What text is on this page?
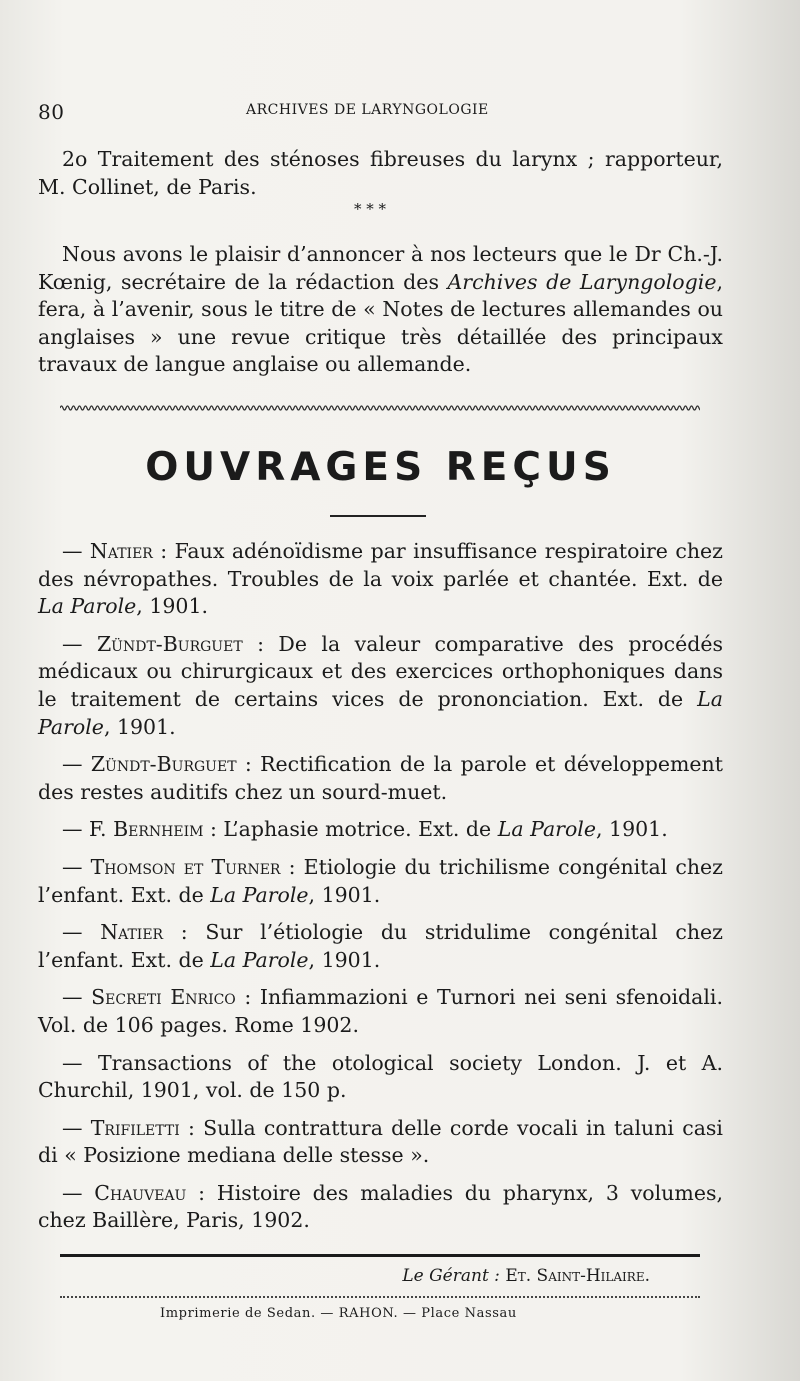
80	ARCHIVES DE LARYNGOLOGIE
2o Traitement des sténoses fibreuses du larynx ; rapporteur, M. Collinet, de Paris.
* * *
Nous avons le plaisir d’annoncer à nos lecteurs que le Dr Ch.-J. Kœnig, secrétaire de la rédaction des Archives de Laryngologie, fera, à l’avenir, sous le titre de « Notes de lectures allemandes ou anglaises » une revue critique très détaillée des principaux travaux de langue anglaise ou allemande.
OUVRAGES REÇUS

— Natier : Faux adénoïdisme par insuffisance respiratoire chez des névropathes. Troubles de la voix parlée et chantée. Ext. de La Parole, 1901.

— Zündt-Burguet : De la valeur comparative des procédés médicaux ou chirurgicaux et des exercices orthophoniques dans le traitement de certains vices de prononciation. Ext. de La Parole, 1901.

— Zündt-Burguet : Rectification de la parole et développement des restes auditifs chez un sourd-muet.

— F. Bernheim : L’aphasie motrice. Ext. de La Parole, 1901.

— Thomson et Turner : Etiologie du trichilisme congénital chez l’enfant. Ext. de La Parole, 1901.

— Natier : Sur l’étiologie du stridulime congénital chez l’enfant. Ext. de La Parole, 1901.

— Secreti Enrico : Infiammazioni e Turnori nei seni sfenoidali. Vol. de 106 pages. Rome 1902.

— Transactions of the otological society London. J. et A. Churchil, 1901, vol. de 150 p.

— Trifiletti : Sulla contrattura delle corde vocali in taluni casi di « Posizione mediana delle stesse ».

— Chauveau : Histoire des maladies du pharynx, 3 volumes, chez Baillère, Paris, 1902.

Le Gérant : Et. Saint-Hilaire.
Imprimerie de Sedan. — RAHON. — Place Nassau
